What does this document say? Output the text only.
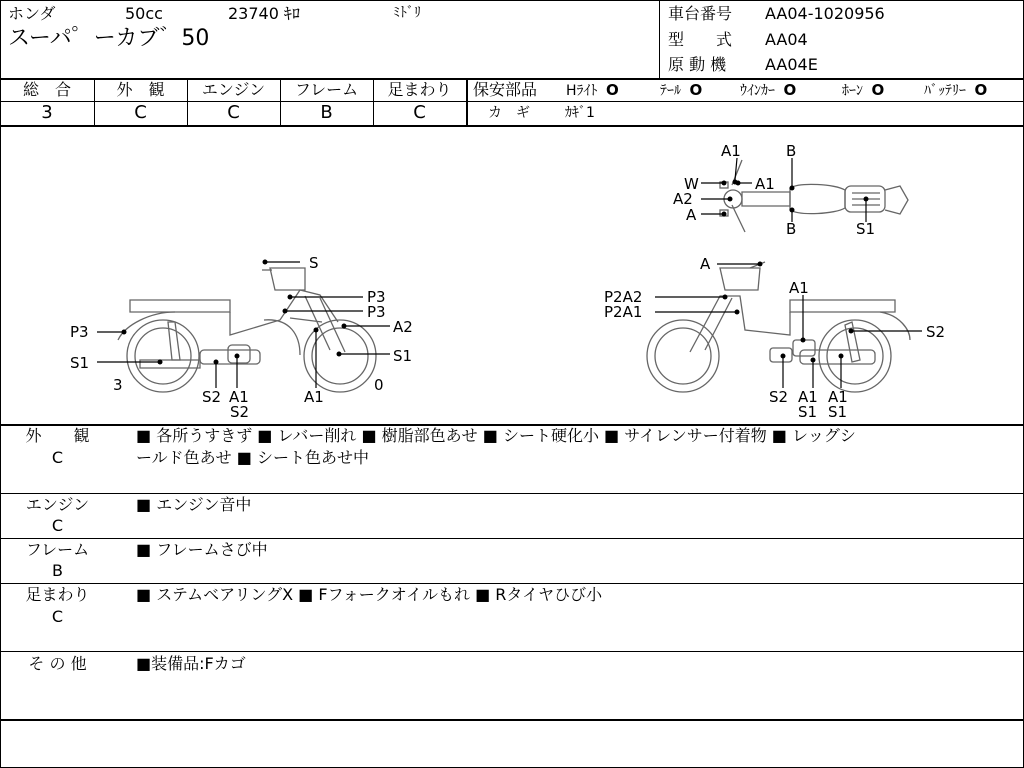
ホンダ	50cc	23740 ｷﾛ	ﾐﾄﾞﾘ
スーパ゜ーカブ゛50
車台番号 AA04-1020956
型　　式 AA04
原 動 機 AA04E
総　合
3
外　観
C
エンジン
C
フレーム
B
足まわり
C
保安部品 Hﾗｲﾄ O	ﾃｰﾙ O	ｳｲﾝｶｰ O	ﾎｰﾝ O	ﾊﾞｯﾃﾘｰ O
カ　ギ	ｶｷﾞ1
A1	B
W	A1
A2
A
B	S1
S
P3
P3
P3	A2
S1	S1
3	0
S2 A1
S2
A1
A
P2A2
P2A1
A1
S2
S2 A1 A1
S1 S1
外　　観
C
■ 各所うすきず ■ レバー削れ ■ 樹脂部色あせ ■ シート硬化小 ■ サイレンサー付着物 ■ レッグシ
ールド色あせ ■ シート色あせ中
エンジン
C
■ エンジン音中
フレーム
B
■ フレームさび中
足まわり
C
■ ステムベアリングX ■ Fフォークオイルもれ ■ Rタイヤひび小
そ の 他	■装備品:Fカゴ
